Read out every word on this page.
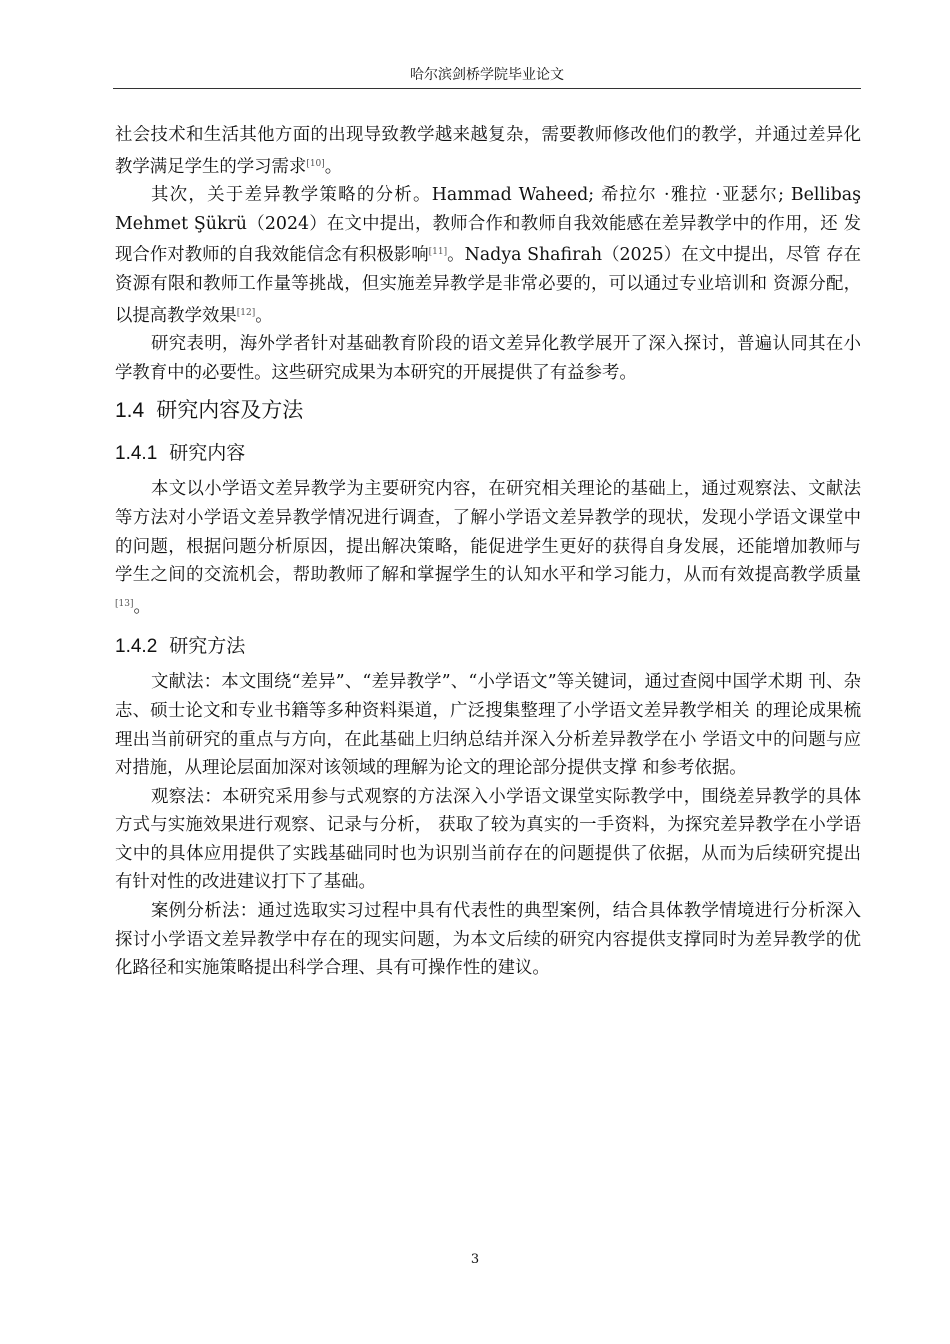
哈尔滨剑桥学院毕业论文

社会技术和生活其他方面的出现导致教学越来越复杂，需要教师修改他们的教学，并通过差异化教学满足学生的学习需求[10]。

其次，关于差异教学策略的分析。Hammad Waheed; 希拉尔 ·雅拉 ·亚瑟尔; Bellibaş Mehmet Şükrü（2024）在文中提出，教师合作和教师自我效能感在差异教学中的作用，还 发现合作对教师的自我效能信念有积极影响[11]。Nadya Shafirah（2025）在文中提出，尽管 存在资源有限和教师工作量等挑战，但实施差异教学是非常必要的，可以通过专业培训和 资源分配，以提高教学效果[12]。

研究表明，海外学者针对基础教育阶段的语文差异化教学展开了深入探讨，普遍认同其在小学教育中的必要性。这些研究成果为本研究的开展提供了有益参考。

1.4 研究内容及方法
1.4.1 研究内容

本文以小学语文差异教学为主要研究内容，在研究相关理论的基础上，通过观察法、文献法等方法对小学语文差异教学情况进行调查，了解小学语文差异教学的现状，发现小学语文课堂中的问题，根据问题分析原因，提出解决策略，能促进学生更好的获得自身发展，还能增加教师与学生之间的交流机会，帮助教师了解和掌握学生的认知水平和学习能力，从而有效提高教学质量[13]。

1.4.2 研究方法

文献法：本文围绕“差异”、“差异教学”、“小学语文”等关键词，通过查阅中国学术期 刊、杂志、硕士论文和专业书籍等多种资料渠道，广泛搜集整理了小学语文差异教学相关 的理论成果梳理出当前研究的重点与方向，在此基础上归纳总结并深入分析差异教学在小 学语文中的问题与应对措施，从理论层面加深对该领域的理解为论文的理论部分提供支撑 和参考依据。

观察法：本研究采用参与式观察的方法深入小学语文课堂实际教学中，围绕差异教学的具体方式与实施效果进行观察、记录与分析， 获取了较为真实的一手资料，为探究差异教学在小学语文中的具体应用提供了实践基础同时也为识别当前存在的问题提供了依据，从而为后续研究提出有针对性的改进建议打下了基础。

案例分析法：通过选取实习过程中具有代表性的典型案例，结合具体教学情境进行分析深入探讨小学语文差异教学中存在的现实问题，为本文后续的研究内容提供支撑同时为差异教学的优化路径和实施策略提出科学合理、具有可操作性的建议。

3
